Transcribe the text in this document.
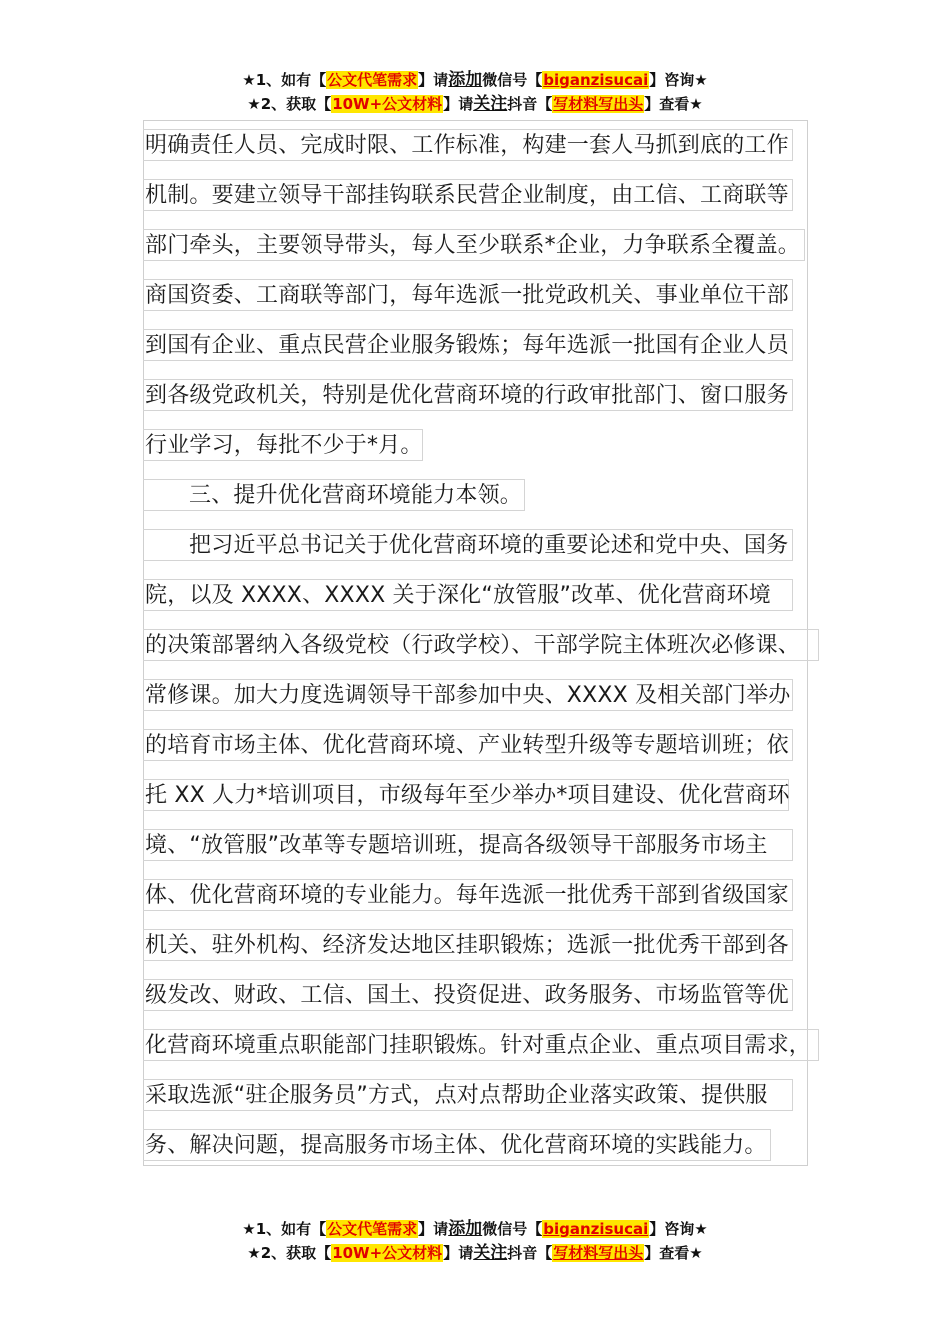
★1、如有【公文代笔需求】请添加微信号【biganzisucai】咨询★
★2、获取【10W+公文材料】请关注抖音【写材料写出头】查看★
明确责任人员、完成时限、工作标准，构建一套人马抓到底的工作
机制。要建立领导干部挂钩联系民营企业制度，由工信、工商联等
部门牵头，主要领导带头，每人至少联系*企业，力争联系全覆盖。
商国资委、工商联等部门，每年选派一批党政机关、事业单位干部
到国有企业、重点民营企业服务锻炼；每年选派一批国有企业人员
到各级党政机关，特别是优化营商环境的行政审批部门、窗口服务
行业学习，每批不少于*月。
三、提升优化营商环境能力本领。
把习近平总书记关于优化营商环境的重要论述和党中央、国务
院，以及 XXXX、XXXX 关于深化“放管服”改革、优化营商环境
的决策部署纳入各级党校（行政学校）、干部学院主体班次必修课、
常修课。加大力度选调领导干部参加中央、XXXX 及相关部门举办
的培育市场主体、优化营商环境、产业转型升级等专题培训班；依
托 XX 人力*培训项目，市级每年至少举办*项目建设、优化营商环
境、“放管服”改革等专题培训班，提高各级领导干部服务市场主
体、优化营商环境的专业能力。每年选派一批优秀干部到省级国家
机关、驻外机构、经济发达地区挂职锻炼；选派一批优秀干部到各
级发改、财政、工信、国土、投资促进、政务服务、市场监管等优
化营商环境重点职能部门挂职锻炼。针对重点企业、重点项目需求，
采取选派“驻企服务员”方式，点对点帮助企业落实政策、提供服
务、解决问题，提高服务市场主体、优化营商环境的实践能力。
★1、如有【公文代笔需求】请添加微信号【biganzisucai】咨询★
★2、获取【10W+公文材料】请关注抖音【写材料写出头】查看★
